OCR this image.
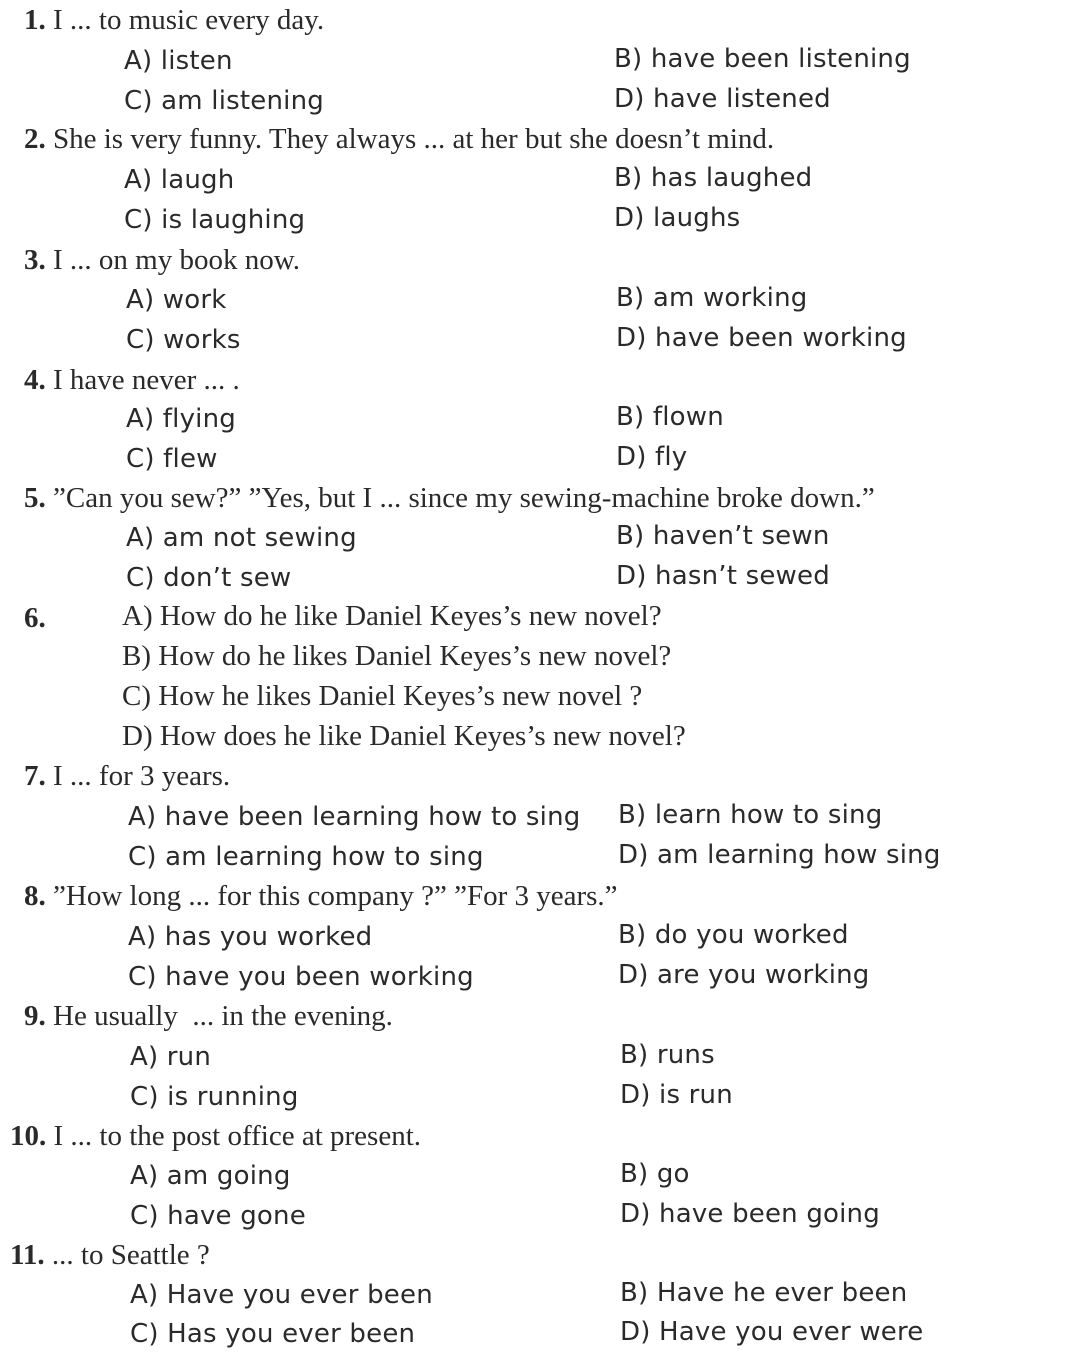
1. I ... to music every day.
A) listen	B) have been listening
C) am listening	D) have listened
2. She is very funny. They always ... at her but she doesn’t mind.
A) laugh	B) has laughed
C) is laughing	D) laughs
3. I ... on my book now.
A) work	B) am working
C) works	D) have been working
4. I have never ... .
A) flying	B) flown
C) flew	D) fly
5. ”Can you sew?” ”Yes, but I ... since my sewing-machine broke down.”
A) am not sewing	B) haven’t sewn
C) don’t sew	D) hasn’t sewed
6.	A) How do he like Daniel Keyes’s new novel?
B) How do he likes Daniel Keyes’s new novel?
C) How he likes Daniel Keyes’s new novel ?
D) How does he like Daniel Keyes’s new novel?
7. I ... for 3 years.
A) have been learning how to sing B) learn how to sing
C) am learning how to sing	D) am learning how sing
8. ”How long ... for this company ?” ”For 3 years.”
A) has you worked	B) do you worked
C) have you been working	D) are you working
9. He usually  ... in the evening.
A) run	B) runs
C) is running	D) is run
10. I ... to the post office at present.
A) am going	B) go
C) have gone	D) have been going
11. ... to Seattle ?
A) Have you ever been	B) Have he ever been
C) Has you ever been	D) Have you ever were
